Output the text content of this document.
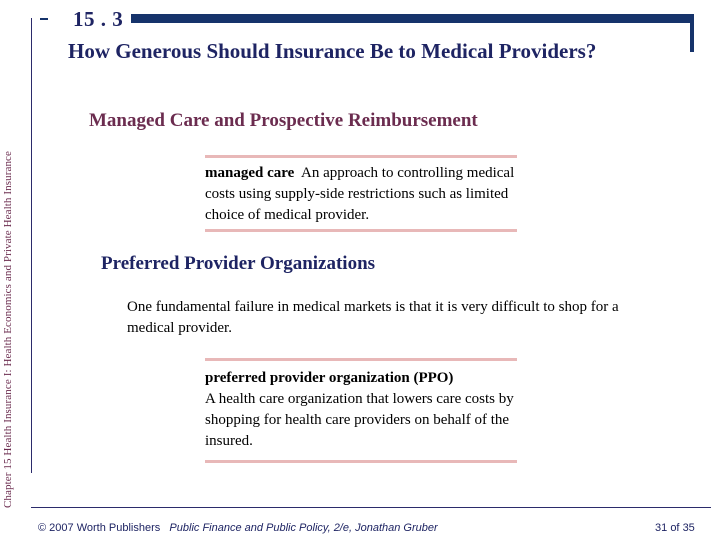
Chapter 15 Health Insurance I: Health Economics and Private Health Insurance
15 . 3
How Generous Should Insurance Be to Medical Providers?
Managed Care and Prospective Reimbursement
managed care An approach to controlling medical costs using supply-side restrictions such as limited choice of medical provider.
Preferred Provider Organizations
One fundamental failure in medical markets is that it is very difficult to shop for a medical provider.
preferred provider organization (PPO)
A health care organization that lowers care costs by shopping for health care providers on behalf of the insured.
© 2007 Worth Publishers Public Finance and Public Policy, 2/e, Jonathan Gruber	31 of 35
